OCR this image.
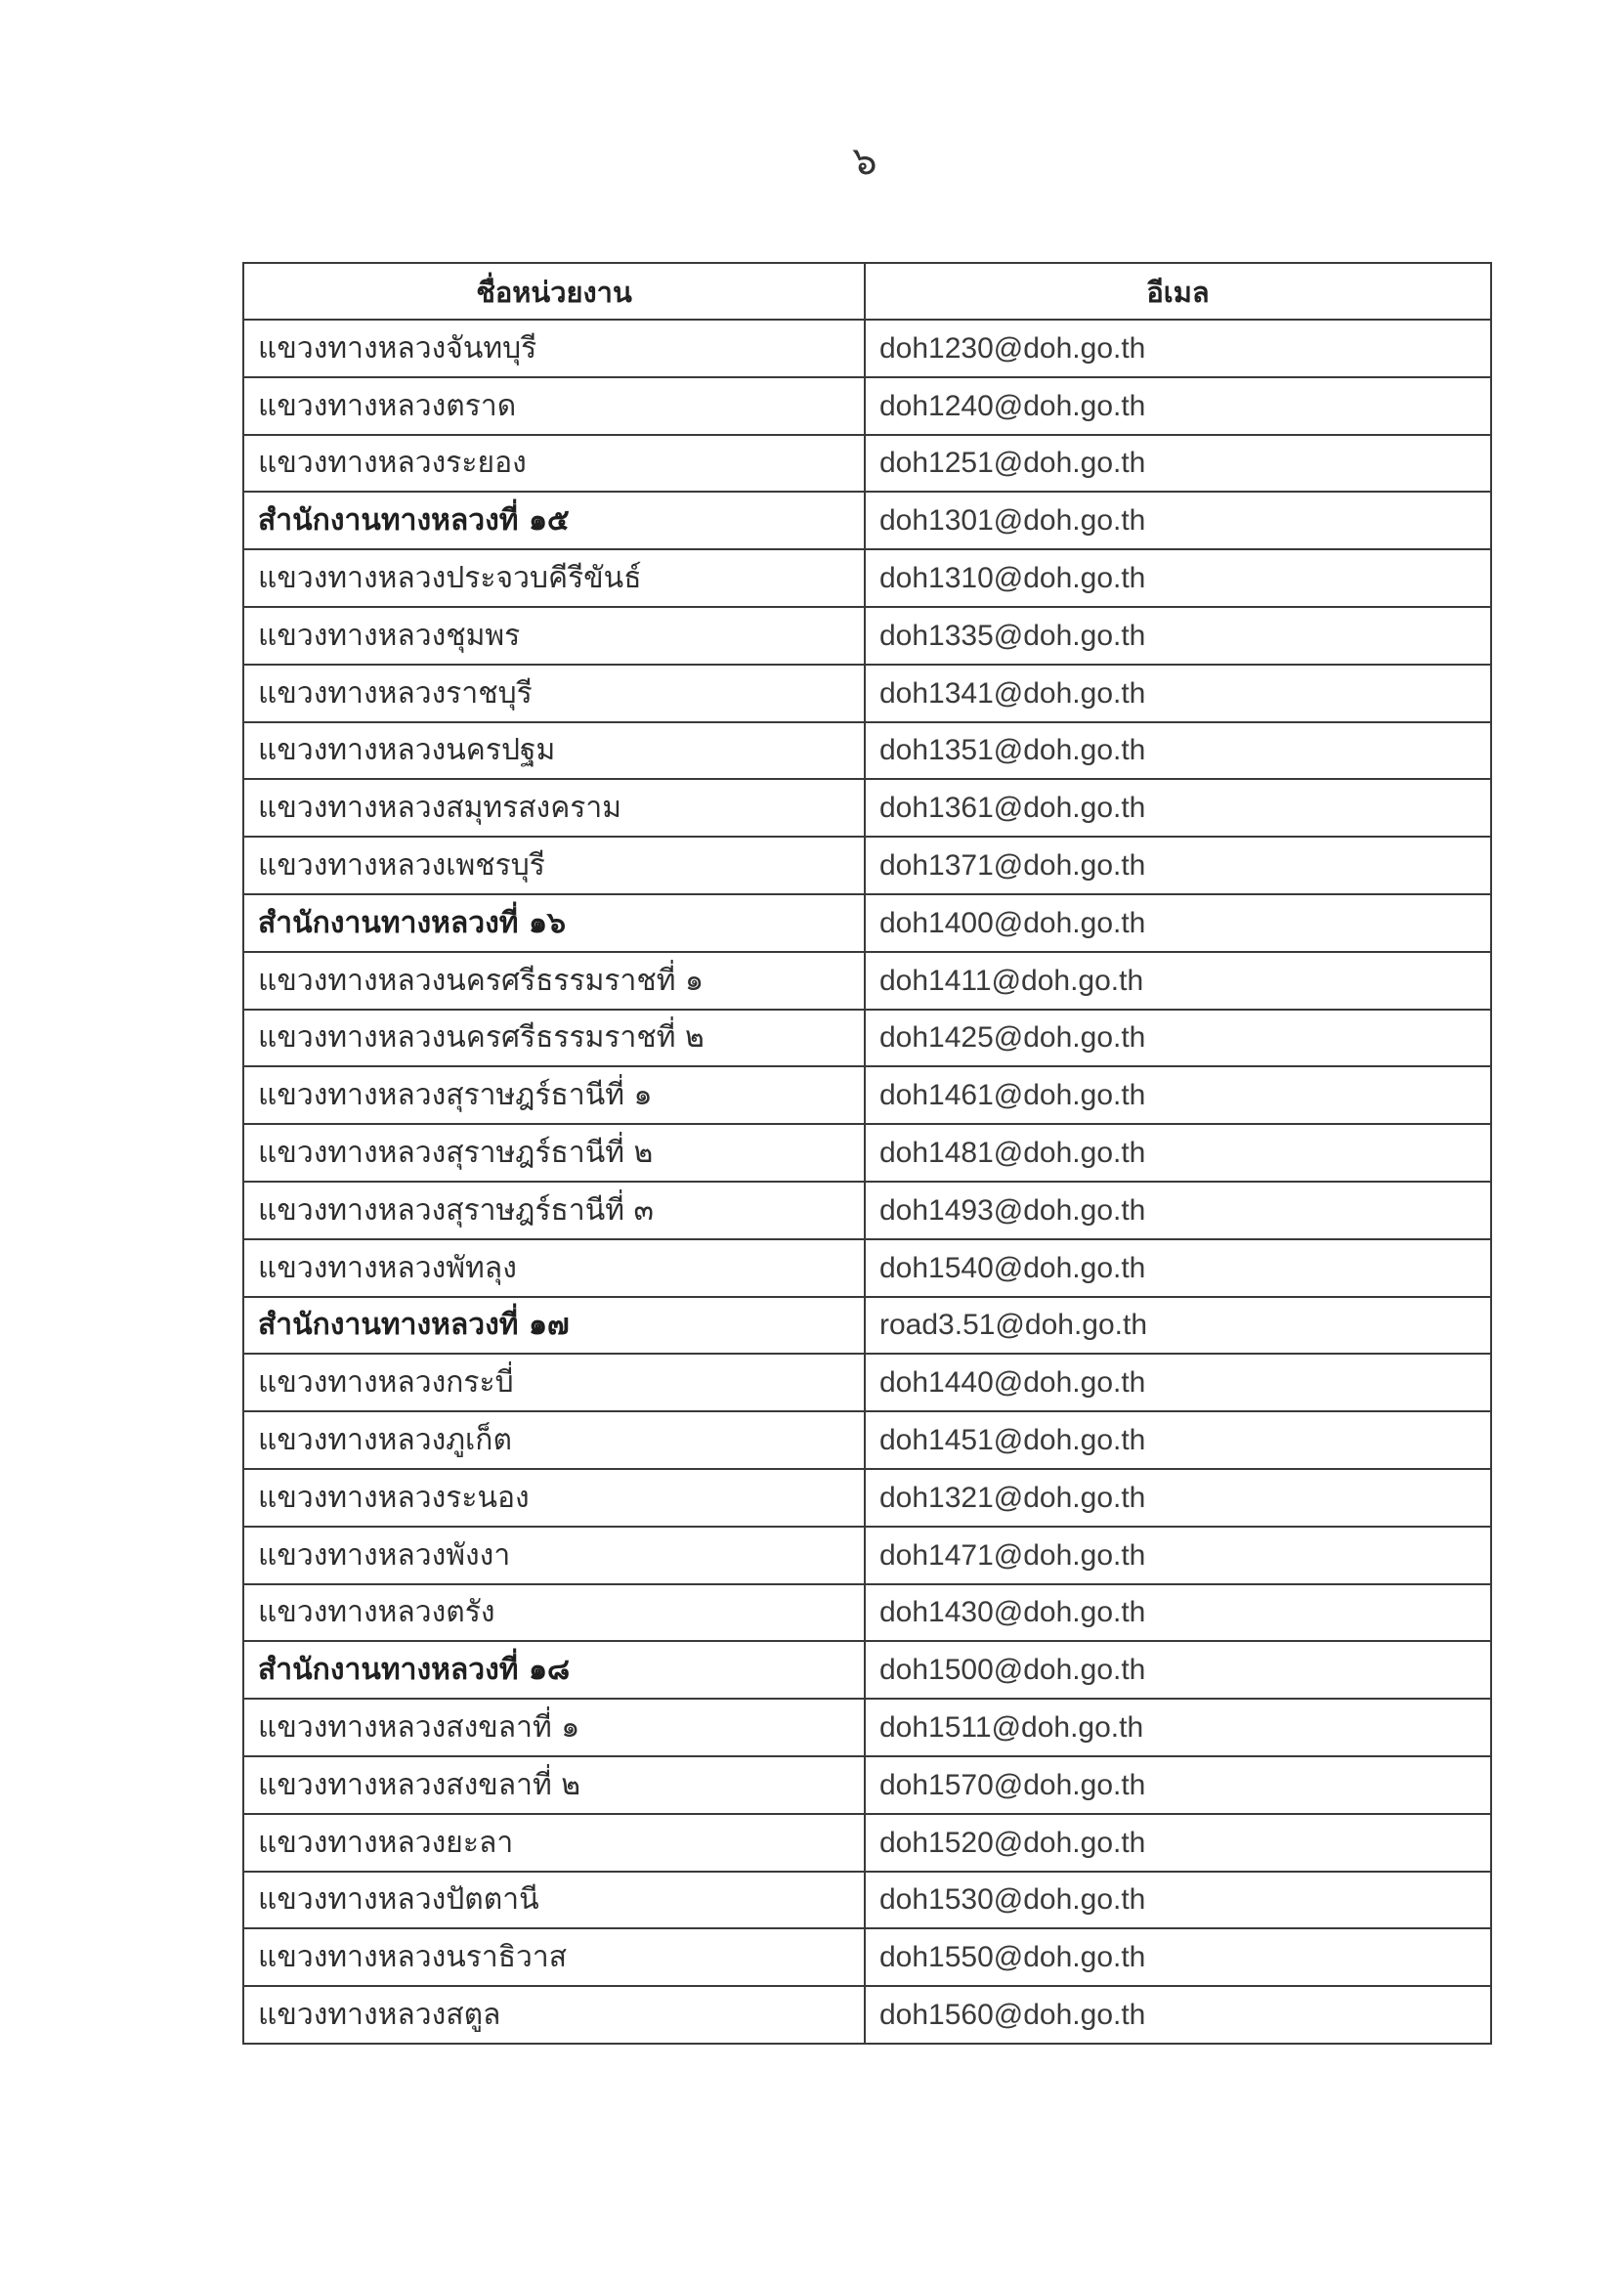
๖
ชื่อหน่วยงาน	อีเมล
แขวงทางหลวงจันทบุรี	doh1230@doh.go.th
แขวงทางหลวงตราด	doh1240@doh.go.th
แขวงทางหลวงระยอง	doh1251@doh.go.th
สำนักงานทางหลวงที่ ๑๕	doh1301@doh.go.th
แขวงทางหลวงประจวบคีรีขันธ์	doh1310@doh.go.th
แขวงทางหลวงชุมพร	doh1335@doh.go.th
แขวงทางหลวงราชบุรี	doh1341@doh.go.th
แขวงทางหลวงนครปฐม	doh1351@doh.go.th
แขวงทางหลวงสมุทรสงคราม	doh1361@doh.go.th
แขวงทางหลวงเพชรบุรี	doh1371@doh.go.th
สำนักงานทางหลวงที่ ๑๖	doh1400@doh.go.th
แขวงทางหลวงนครศรีธรรมราชที่ ๑	doh1411@doh.go.th
แขวงทางหลวงนครศรีธรรมราชที่ ๒	doh1425@doh.go.th
แขวงทางหลวงสุราษฎร์ธานีที่ ๑	doh1461@doh.go.th
แขวงทางหลวงสุราษฎร์ธานีที่ ๒	doh1481@doh.go.th
แขวงทางหลวงสุราษฎร์ธานีที่ ๓	doh1493@doh.go.th
แขวงทางหลวงพัทลุง	doh1540@doh.go.th
สำนักงานทางหลวงที่ ๑๗	road3.51@doh.go.th
แขวงทางหลวงกระบี่	doh1440@doh.go.th
แขวงทางหลวงภูเก็ต	doh1451@doh.go.th
แขวงทางหลวงระนอง	doh1321@doh.go.th
แขวงทางหลวงพังงา	doh1471@doh.go.th
แขวงทางหลวงตรัง	doh1430@doh.go.th
สำนักงานทางหลวงที่ ๑๘	doh1500@doh.go.th
แขวงทางหลวงสงขลาที่ ๑	doh1511@doh.go.th
แขวงทางหลวงสงขลาที่ ๒	doh1570@doh.go.th
แขวงทางหลวงยะลา	doh1520@doh.go.th
แขวงทางหลวงปัตตานี	doh1530@doh.go.th
แขวงทางหลวงนราธิวาส	doh1550@doh.go.th
แขวงทางหลวงสตูล	doh1560@doh.go.th
